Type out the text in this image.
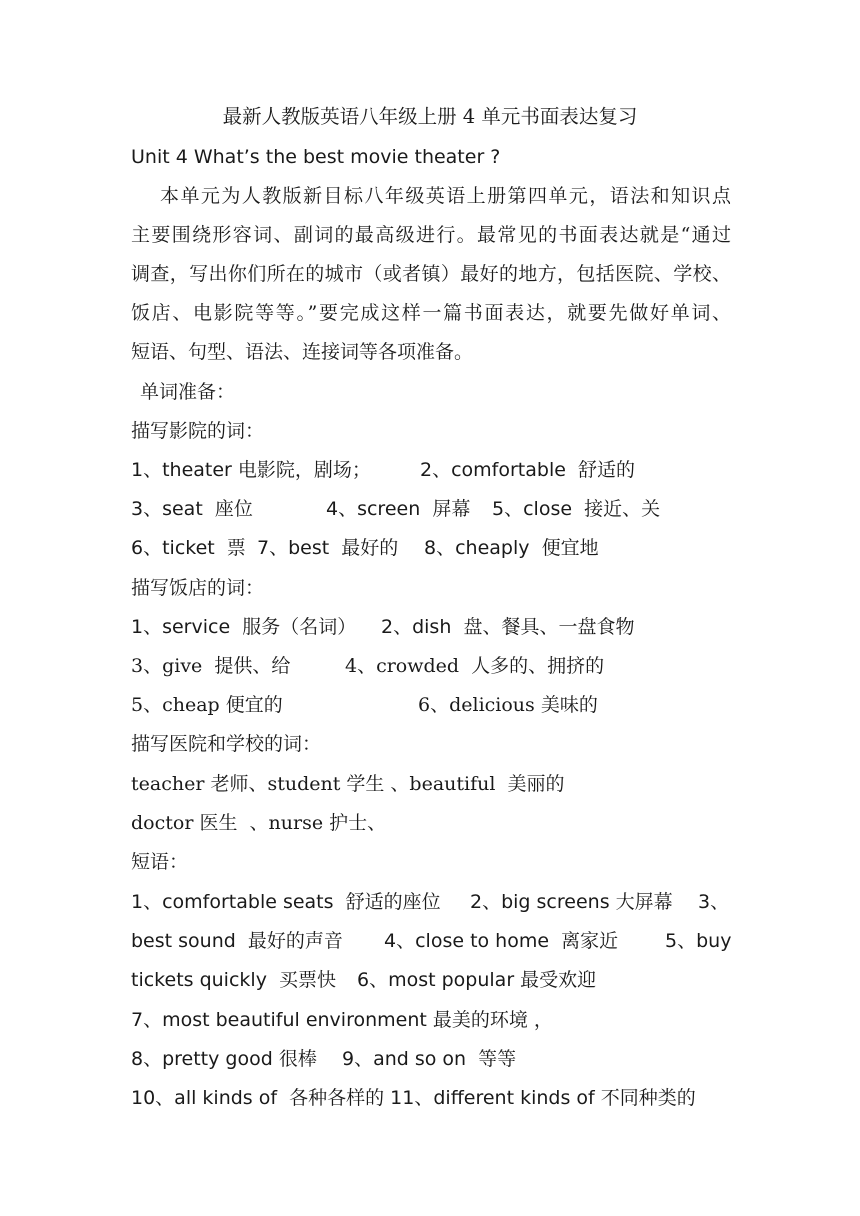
最新人教版英语八年级上册 4 单元书面表达复习
Unit 4 What’s the best movie theater ?
本单元为人教版新目标八年级英语上册第四单元，语法和知识点
主要围绕形容词、副词的最高级进行。最常见的书面表达就是“通过
调查，写出你们所在的城市（或者镇）最好的地方，包括医院、学校、
饭店、电影院等等。”要完成这样一篇书面表达，就要先做好单词、
短语、句型、语法、连接词等各项准备。
单词准备：
描写影院的词：
1、theater 电影院，剧场；	2、comfortable  舒适的
3、seat  座位	4、screen  屏幕 5、close  接近、关
6、ticket  票 7、best  最好的 8、cheaply  便宜地
描写饭店的词：
1、service  服务（名词） 2、dish  盘、餐具、一盘食物
3、give  提供、给	4、crowded  人多的、拥挤的
5、cheap 便宜的	6、delicious 美味的
描写医院和学校的词：
teacher 老师、student 学生 、beautiful  美丽的
doctor 医生  、nurse 护士、
短语：
1、comfortable seats  舒适的座位 2、big screens 大屏幕 3、
best sound  最好的声音 4、close to home  离家近 5、buy
tickets quickly  买票快 6、most popular 最受欢迎
7、most beautiful environment 最美的环境 ，
8、pretty good 很棒 9、and so on  等等
10、all kinds of  各种各样的 11、different kinds of 不同种类的
